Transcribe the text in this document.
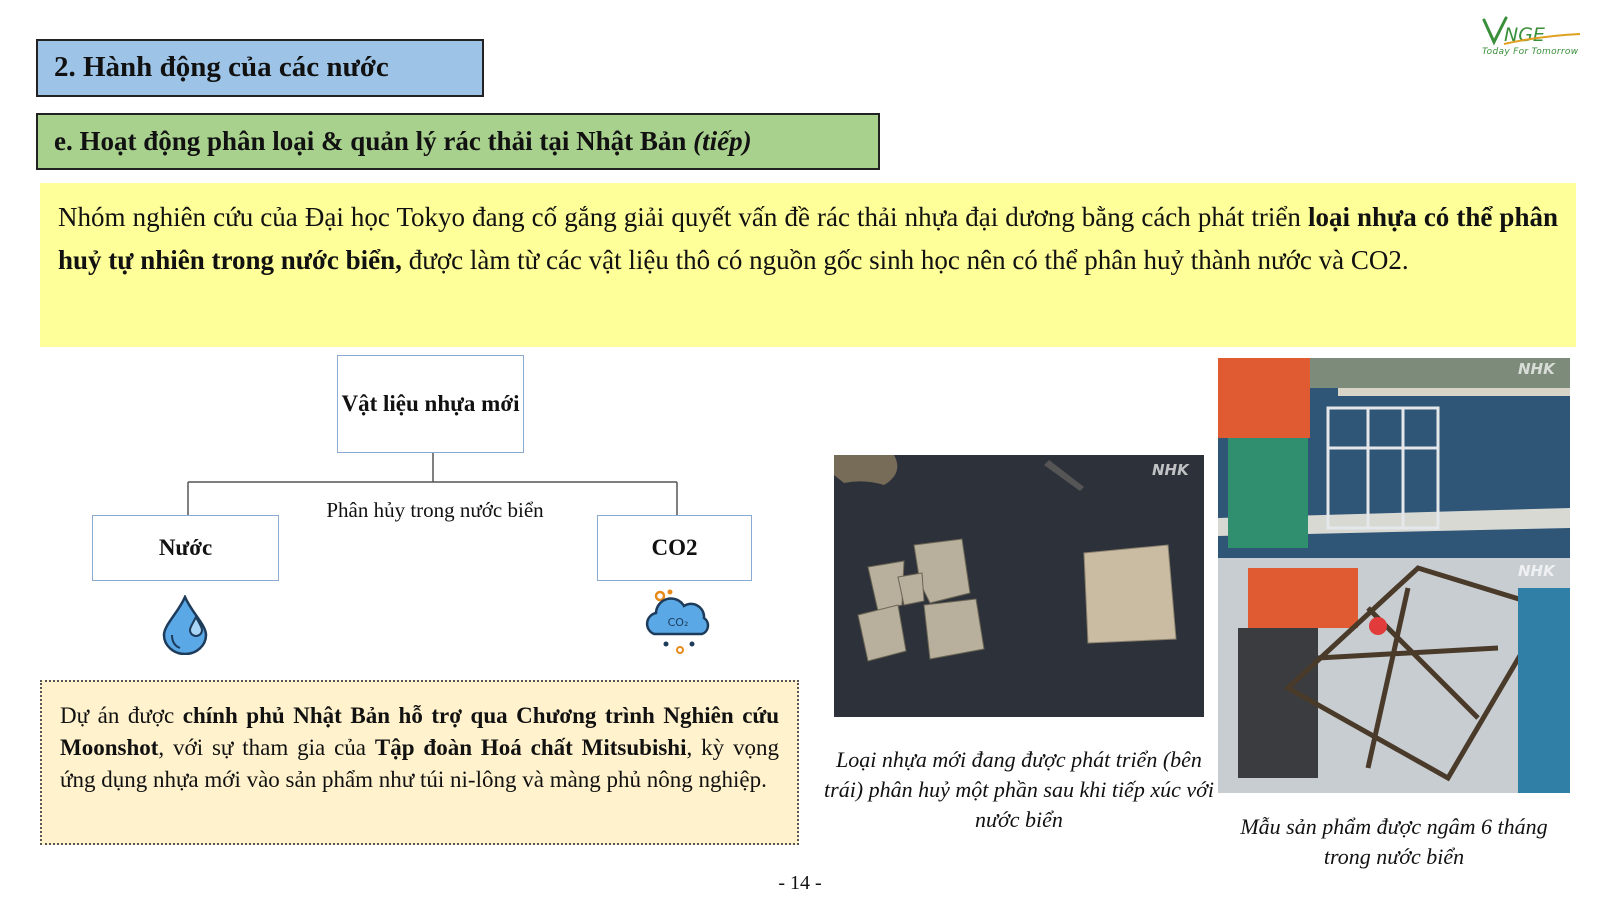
NGE
Today For Tomorrow
2. Hành động của các nước
e. Hoạt động phân loại & quản lý rác thải tại Nhật Bản (tiếp)
Nhóm nghiên cứu của Đại học Tokyo đang cố gắng giải quyết vấn đề rác thải nhựa đại dương bằng cách phát triển loại nhựa có thể phân huỷ tự nhiên trong nước biển, được làm từ các vật liệu thô có nguồn gốc sinh học nên có thể phân huỷ thành nước và CO2.
Vật liệu nhựa mới
Phân hủy trong nước biển
Nước	CO2
CO₂
Dự án được chính phủ Nhật Bản hỗ trợ qua Chương trình Nghiên cứu Moonshot, với sự tham gia của Tập đoàn Hoá chất Mitsubishi, kỳ vọng ứng dụng nhựa mới vào sản phẩm như túi ni-lông và màng phủ nông nghiệp.
NHK
Loại nhựa mới đang được phát triển (bên trái) phân huỷ một phần sau khi tiếp xúc với nước biển
NHK
NHK
Mẫu sản phẩm được ngâm 6 tháng trong nước biển
- 14 -
